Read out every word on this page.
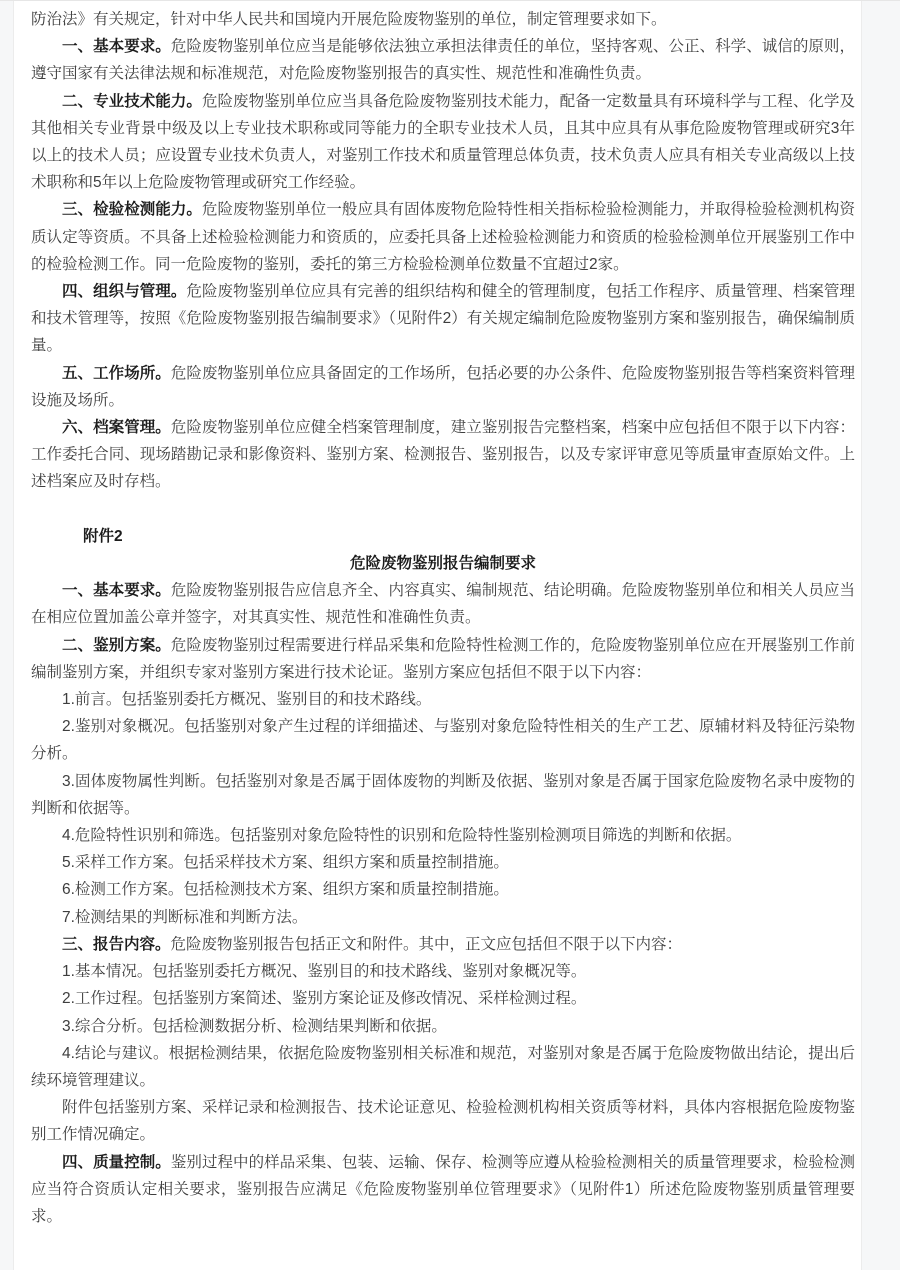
防治法》有关规定，针对中华人民共和国境内开展危险废物鉴别的单位，制定管理要求如下。

一、基本要求。危险废物鉴别单位应当是能够依法独立承担法律责任的单位，坚持客观、公正、科学、诚信的原则，遵守国家有关法律法规和标准规范，对危险废物鉴别报告的真实性、规范性和准确性负责。

二、专业技术能力。危险废物鉴别单位应当具备危险废物鉴别技术能力，配备一定数量具有环境科学与工程、化学及其他相关专业背景中级及以上专业技术职称或同等能力的全职专业技术人员，且其中应具有从事危险废物管理或研究3年以上的技术人员；应设置专业技术负责人，对鉴别工作技术和质量管理总体负责，技术负责人应具有相关专业高级以上技术职称和5年以上危险废物管理或研究工作经验。

三、检验检测能力。危险废物鉴别单位一般应具有固体废物危险特性相关指标检验检测能力，并取得检验检测机构资质认定等资质。不具备上述检验检测能力和资质的，应委托具备上述检验检测能力和资质的检验检测单位开展鉴别工作中的检验检测工作。同一危险废物的鉴别，委托的第三方检验检测单位数量不宜超过2家。

四、组织与管理。危险废物鉴别单位应具有完善的组织结构和健全的管理制度，包括工作程序、质量管理、档案管理和技术管理等，按照《危险废物鉴别报告编制要求》（见附件2）有关规定编制危险废物鉴别方案和鉴别报告，确保编制质量。

五、工作场所。危险废物鉴别单位应具备固定的工作场所，包括必要的办公条件、危险废物鉴别报告等档案资料管理设施及场所。

六、档案管理。危险废物鉴别单位应健全档案管理制度，建立鉴别报告完整档案，档案中应包括但不限于以下内容：工作委托合同、现场踏勘记录和影像资料、鉴别方案、检测报告、鉴别报告，以及专家评审意见等质量审查原始文件。上述档案应及时存档。

附件2

危险废物鉴别报告编制要求

一、基本要求。危险废物鉴别报告应信息齐全、内容真实、编制规范、结论明确。危险废物鉴别单位和相关人员应当在相应位置加盖公章并签字，对其真实性、规范性和准确性负责。

二、鉴别方案。危险废物鉴别过程需要进行样品采集和危险特性检测工作的，危险废物鉴别单位应在开展鉴别工作前编制鉴别方案，并组织专家对鉴别方案进行技术论证。鉴别方案应包括但不限于以下内容：

1.前言。包括鉴别委托方概况、鉴别目的和技术路线。

2.鉴别对象概况。包括鉴别对象产生过程的详细描述、与鉴别对象危险特性相关的生产工艺、原辅材料及特征污染物分析。

3.固体废物属性判断。包括鉴别对象是否属于固体废物的判断及依据、鉴别对象是否属于国家危险废物名录中废物的判断和依据等。

4.危险特性识别和筛选。包括鉴别对象危险特性的识别和危险特性鉴别检测项目筛选的判断和依据。

5.采样工作方案。包括采样技术方案、组织方案和质量控制措施。

6.检测工作方案。包括检测技术方案、组织方案和质量控制措施。

7.检测结果的判断标准和判断方法。

三、报告内容。危险废物鉴别报告包括正文和附件。其中，正文应包括但不限于以下内容：

1.基本情况。包括鉴别委托方概况、鉴别目的和技术路线、鉴别对象概况等。

2.工作过程。包括鉴别方案简述、鉴别方案论证及修改情况、采样检测过程。

3.综合分析。包括检测数据分析、检测结果判断和依据。

4.结论与建议。根据检测结果，依据危险废物鉴别相关标准和规范，对鉴别对象是否属于危险废物做出结论，提出后续环境管理建议。

附件包括鉴别方案、采样记录和检测报告、技术论证意见、检验检测机构相关资质等材料，具体内容根据危险废物鉴别工作情况确定。

四、质量控制。鉴别过程中的样品采集、包装、运输、保存、检测等应遵从检验检测相关的质量管理要求，检验检测应当符合资质认定相关要求，鉴别报告应满足《危险废物鉴别单位管理要求》（见附件1）所述危险废物鉴别质量管理要求。
